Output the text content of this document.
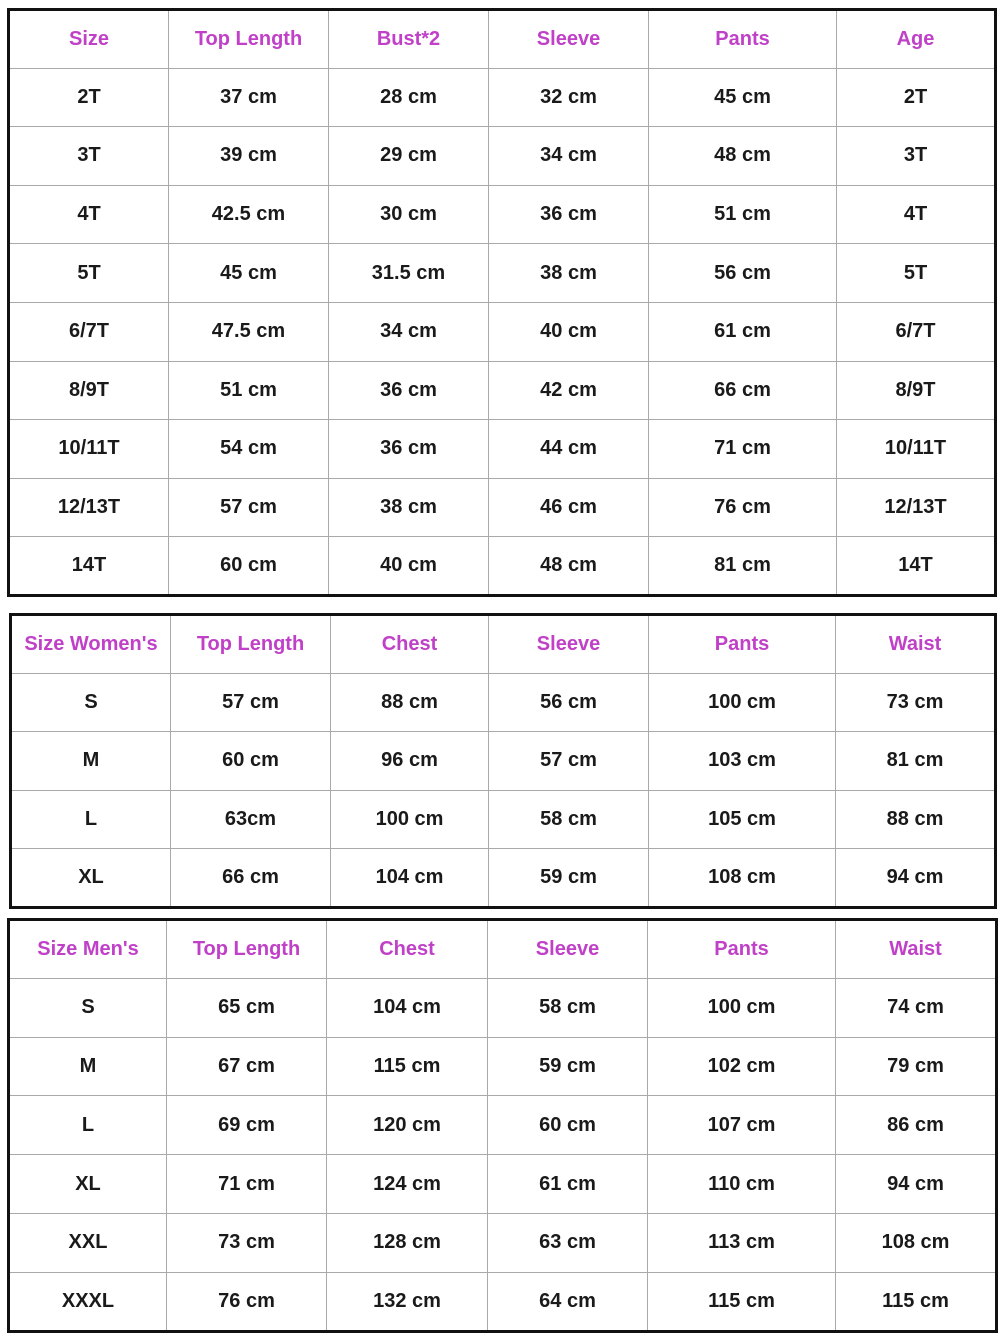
Size	Top Length	Bust*2	Sleeve	Pants	Age
2T	37 cm	28 cm	32 cm	45 cm	2T
3T	39 cm	29 cm	34 cm	48 cm	3T
4T	42.5 cm	30 cm	36 cm	51 cm	4T
5T	45 cm	31.5 cm	38 cm	56 cm	5T
6/7T	47.5 cm	34 cm	40 cm	61 cm	6/7T
8/9T	51 cm	36 cm	42 cm	66 cm	8/9T
10/11T	54 cm	36 cm	44 cm	71 cm	10/11T
12/13T	57 cm	38 cm	46 cm	76 cm	12/13T
14T	60 cm	40 cm	48 cm	81 cm	14T
Size Women's	Top Length	Chest	Sleeve	Pants	Waist
S	57 cm	88 cm	56 cm	100 cm	73 cm
M	60 cm	96 cm	57 cm	103 cm	81 cm
L	63cm	100 cm	58 cm	105 cm	88 cm
XL	66 cm	104 cm	59 cm	108 cm	94 cm
Size Men's	Top Length	Chest	Sleeve	Pants	Waist
S	65 cm	104 cm	58 cm	100 cm	74 cm
M	67 cm	115 cm	59 cm	102 cm	79 cm
L	69 cm	120 cm	60 cm	107 cm	86 cm
XL	71 cm	124 cm	61 cm	110 cm	94 cm
XXL	73 cm	128 cm	63 cm	113 cm	108 cm
XXXL	76 cm	132 cm	64 cm	115 cm	115 cm
